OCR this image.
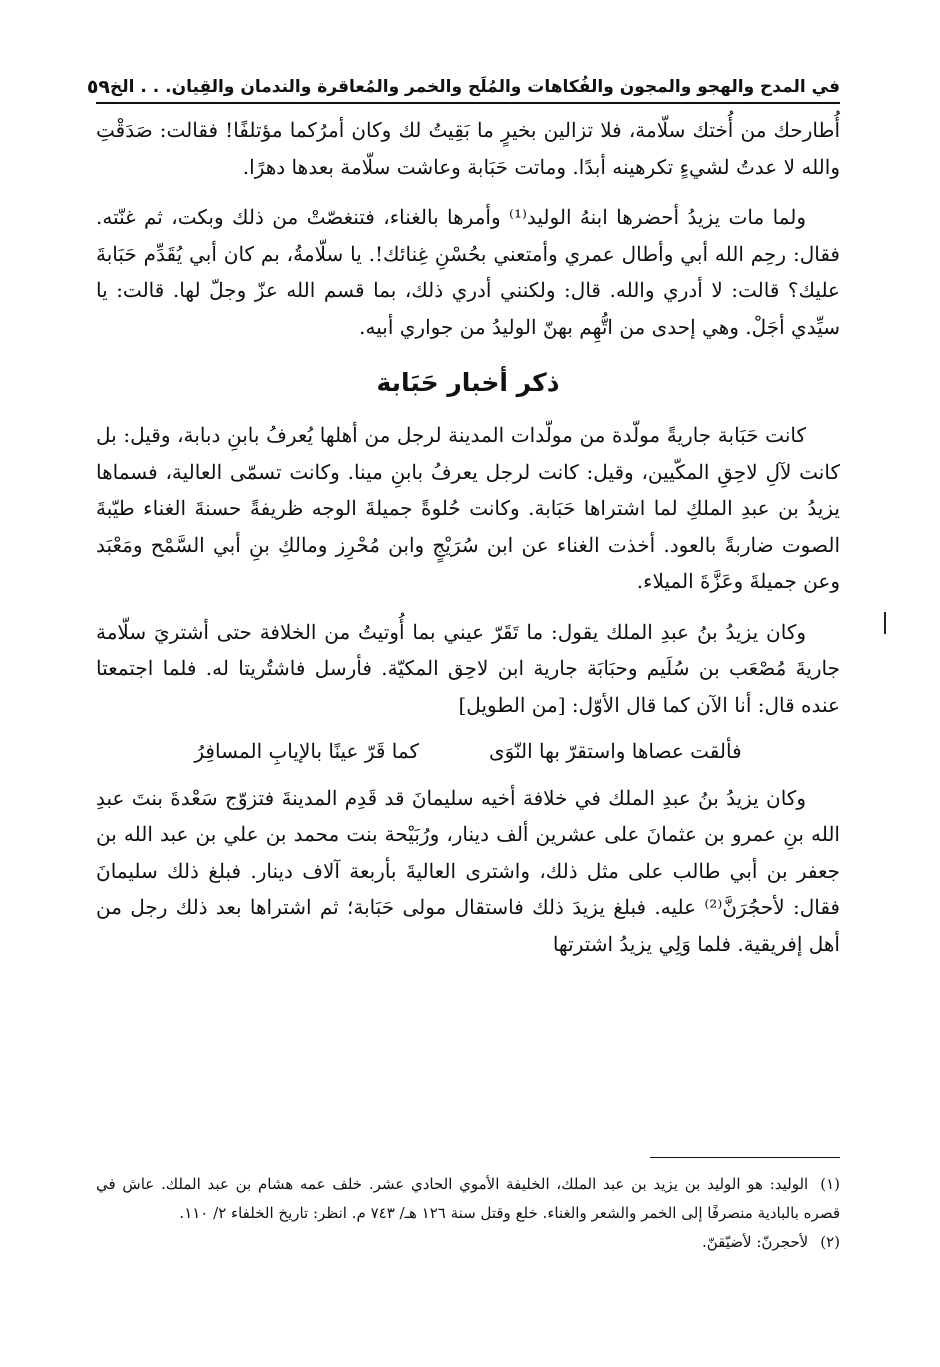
في المدح والهجو والمجون والفُكاهات والمُلَح والخمر والمُعاقرة والندمان والقِيان. . . الخ
٥٩

أُطارحك من أُختك سلّامة، فلا تزالين بخيرٍ ما بَقِيتُ لك وكان أمرُكما مؤتلفًا! فقالت: صَدَقْتِ والله لا عدتُ لشيءٍ تكرهينه أبدًا. وماتت حَبَابة وعاشت سلّامة بعدها دهرًا.

ولما مات يزيدُ أحضرها ابنهُ الوليد⁽¹⁾ وأمرها بالغناء، فتنغصّتْ من ذلك وبكت، ثم غنّته. فقال: رحِم الله أبي وأطال عمري وأمتعني بحُسْنِ غِنائك!. يا سلّامةُ، بم كان أبي يُقَدِّم حَبَابةَ عليك؟ قالت: لا أدري والله. قال: ولكنني أدري ذلك، بما قسم الله عزّ وجلّ لها. قالت: يا سيِّدي أجَلْ. وهي إحدى من اتُّهِم بهنّ الوليدُ من جواري أبيه.

ذكر أخبار حَبَابة

كانت حَبَابة جاريةً مولّدة من مولّدات المدينة لرجل من أهلها يُعرفُ بابنِ دبابة، وقيل: بل كانت لآلِ لاحِقِ المكّيين، وقيل: كانت لرجل يعرفُ بابنِ مينا. وكانت تسمّى العالية، فسماها يزيدُ بن عبدِ الملكِ لما اشتراها حَبَابة. وكانت حُلوةً جميلةَ الوجه ظريفةً حسنةَ الغناء طيّبةَ الصوت ضاربةً بالعود. أخذت الغناء عن ابن سُرَيْجٍ وابن مُحْرِز ومالكِ بنِ أبي السَّمْح ومَعْبَد وعن جميلةَ وعَزَّةَ الميلاء.

وكان يزيدُ بنُ عبدِ الملك يقول: ما تَقَرّ عيني بما أُوتيتُ من الخلافة حتى أشتريَ سلّامة جاريةَ مُصْعَب بن سُلَيم وحبَابَة جارية ابن لاحِق المكيّة. فأرسل فاشتُريتا له. فلما اجتمعتا عنده قال: أنا الآن كما قال الأوّل: [من الطويل]

فألقت عصاها واستقرّ بها النّوَى
كما قَرّ عينًا بالإيابِ المسافِرُ

وكان يزيدُ بنُ عبدِ الملك في خلافة أخيه سليمانَ قد قَدِم المدينةَ فتزوّج سَعْدةَ بنتَ عبدِ الله بنِ عمرو بن عثمانَ على عشرين ألف دينار، ورُبَيْحة بنت محمد بن علي بن عبد الله بن جعفر بن أبي طالب على مثل ذلك، واشترى العاليةَ بأربعة آلاف دينار. فبلغ ذلك سليمانَ فقال: لأحجُرَنَّ⁽²⁾ عليه. فبلغ يزيدَ ذلك فاستقال مولى حَبَابة؛ ثم اشتراها بعد ذلك رجل من أهل إفريقية. فلما وَلِي يزيدُ اشترتها

(١)الوليد: هو الوليد بن يزيد بن عبد الملك، الخليفة الأموي الحادي عشر. خلف عمه هشام بن عبد الملك. عاش في قصره بالبادية منصرفًا إلى الخمر والشعر والغناء. خلع وقتل سنة ١٢٦ هـ/ ٧٤٣ م. انظر: تاريخ الخلفاء ٢/ ١١٠.

(٢)لأحجرنّ: لأضيّقنّ.
